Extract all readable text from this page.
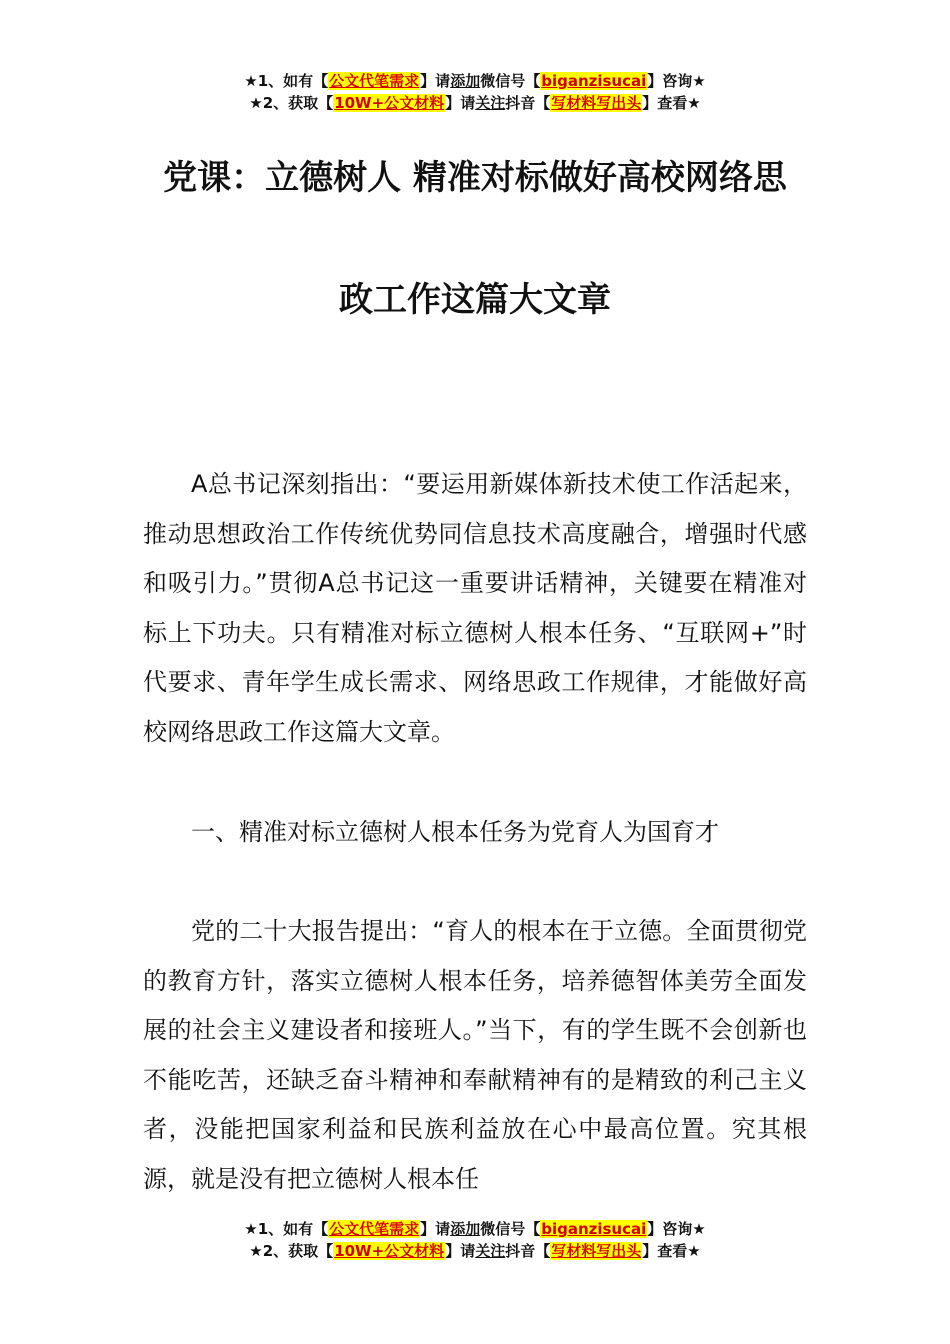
★1、如有【公文代笔需求】请添加微信号【biganzisucai】咨询★
★2、获取【10W+公文材料】请关注抖音【写材料写出头】查看★
党课：立德树人 精准对标做好高校网络思
政工作这篇大文章
A总书记深刻指出：“要运用新媒体新技术使工作活起来，推动思想政治工作传统优势同信息技术高度融合，增强时代感和吸引力。”贯彻A总书记这一重要讲话精神，关键要在精准对标上下功夫。只有精准对标立德树人根本任务、“互联网+”时代要求、青年学生成长需求、网络思政工作规律，才能做好高校网络思政工作这篇大文章。
一、精准对标立德树人根本任务为党育人为国育才
党的二十大报告提出：“育人的根本在于立德。全面贯彻党的教育方针，落实立德树人根本任务，培养德智体美劳全面发展的社会主义建设者和接班人。”当下，有的学生既不会创新也不能吃苦，还缺乏奋斗精神和奉献精神有的是精致的利己主义者，没能把国家利益和民族利益放在心中最高位置。究其根源，就是没有把立德树人根本任
★1、如有【公文代笔需求】请添加微信号【biganzisucai】咨询★
★2、获取【10W+公文材料】请关注抖音【写材料写出头】查看★
